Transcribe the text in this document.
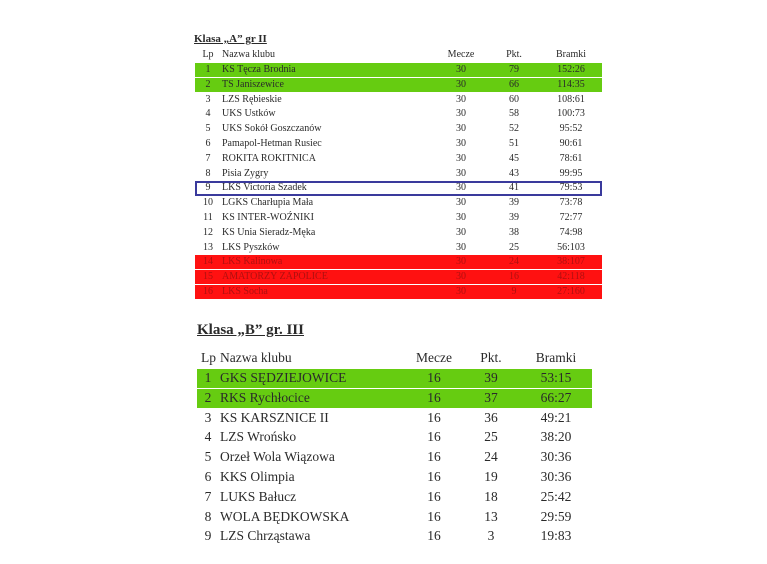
Klasa „A” gr II
Lp Nazwa klubu	Mecze	Pkt.	Bramki
1	KS Tęcza Brodnia	30	79	152:26
2	TS Janiszewice	30	66	114:35
3	LZS Rębieskie	30	60	108:61
4	UKS Ustków	30	58	100:73
5	UKS Sokół Goszczanów	30	52	95:52
6	Pamapol-Hetman Rusiec	30	51	90:61
7	ROKITA ROKITNICA	30	45	78:61
8	Pisia Zygry	30	43	99:95
9	LKS Victoria Szadek	30	41	79:53
10 LGKS Charłupia Mała	30	39	73:78
11 KS INTER-WOŹNIKI	30	39	72:77
12 KS Unia Sieradz-Męka	30	38	74:98
13 LKS Pyszków	30	25	56:103
14 LKS Kalinowa	30	24	38:107
15 AMATORZY ZAPOLICE	30	16	42:118
16 LKS Socha	30	9	27:160
Klasa „B” gr. III
Lp Nazwa klubu	Mecze Pkt.	Bramki
1 GKS SĘDZIEJOWICE	16	39	53:15
2 RKS Rychłocice	16	37	66:27
3 KS KARSZNICE II	16	36	49:21
4 LZS Wrońsko	16	25	38:20
5 Orzeł Wola Wiązowa	16	24	30:36
6 KKS Olimpia	16	19	30:36
7 LUKS Bałucz	16	18	25:42
8 WOLA BĘDKOWSKA	16	13	29:59
9 LZS Chrząstawa	16	3	19:83
